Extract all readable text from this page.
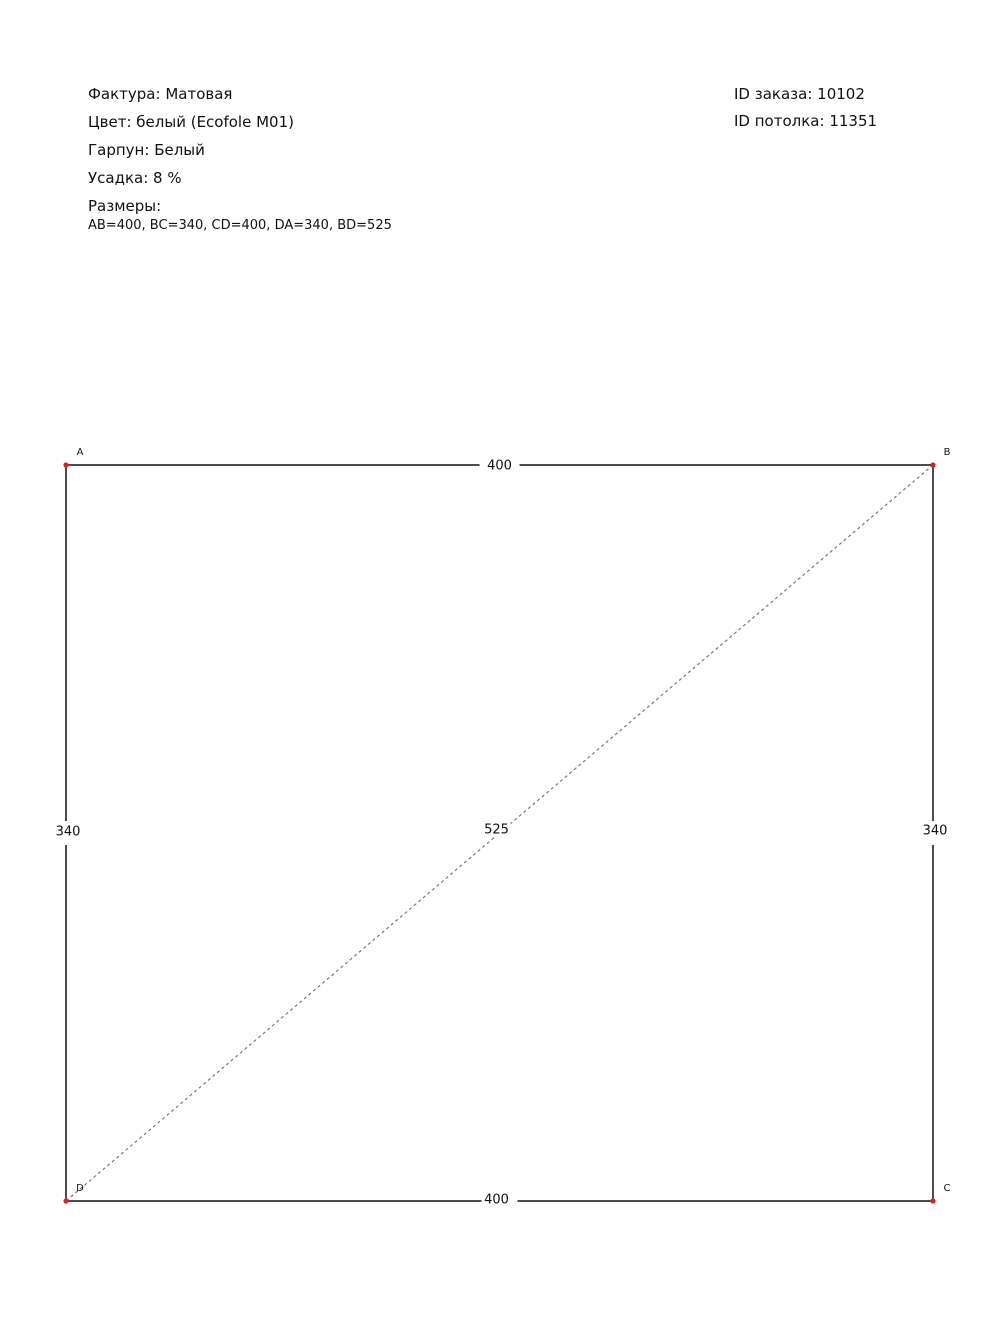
Фактура: Матовая
Цвет: белый (Ecofole M01)
Гарпун: Белый
Усадка: 8 %
Размеры:
AB=400, BC=340, CD=400, DA=340, BD=525
ID заказа: 10102
ID потолка: 11351
525
400
340
400
340
A	B
C
D
